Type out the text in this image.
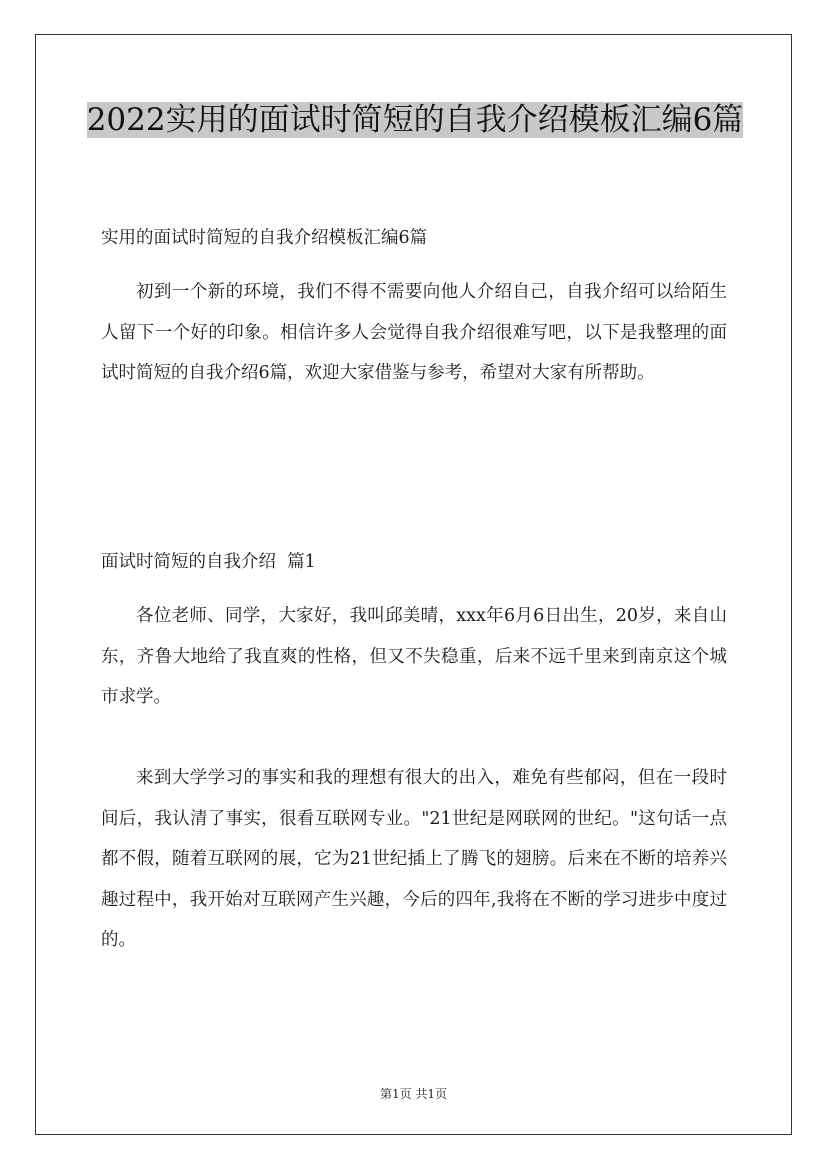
2022实用的面试时简短的自我介绍模板汇编6篇
实用的面试时简短的自我介绍模板汇编6篇
初到一个新的环境，我们不得不需要向他人介绍自己，自我介绍可以给陌生人留下一个好的印象。相信许多人会觉得自我介绍很难写吧，以下是我整理的面试时简短的自我介绍6篇，欢迎大家借鉴与参考，希望对大家有所帮助。
面试时简短的自我介绍  篇1
各位老师、同学，大家好，我叫邱美晴，xxx年6月6日出生，20岁，来自山东，齐鲁大地给了我直爽的性格，但又不失稳重，后来不远千里来到南京这个城市求学。
来到大学学习的事实和我的理想有很大的出入，难免有些郁闷，但在一段时间后，我认清了事实，很看互联网专业。"21世纪是网联网的世纪。"这句话一点都不假，随着互联网的展，它为21世纪插上了腾飞的翅膀。后来在不断的培养兴趣过程中，我开始对互联网产生兴趣，今后的四年,我将在不断的学习进步中度过的。
第1页 共1页
